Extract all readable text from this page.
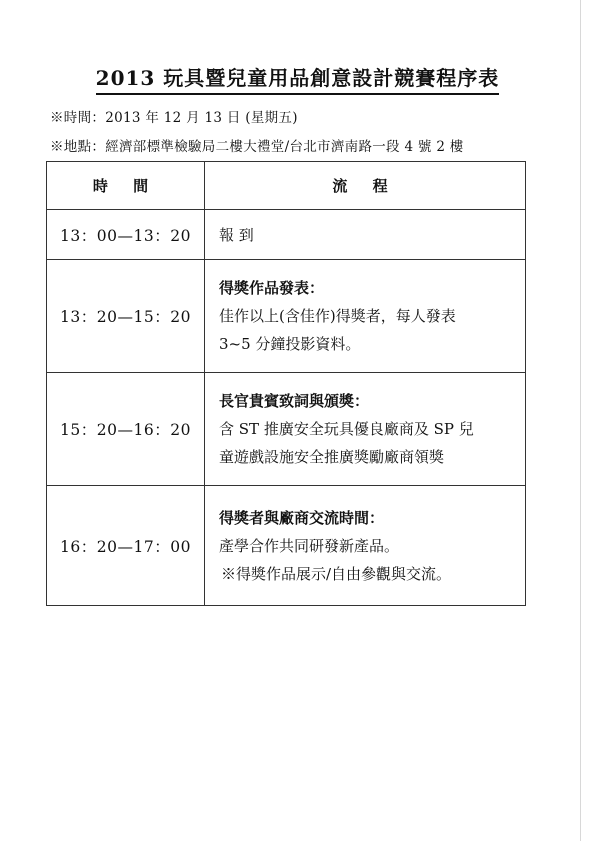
2013 玩具暨兒童用品創意設計競賽程序表
※時間：2013 年 12 月 13 日 (星期五)
※地點：經濟部標準檢驗局二樓大禮堂/台北市濟南路一段 4 號 2 樓
時 間	流 程
13：00—13：20	報 到

13：20—15：20	得獎作品發表：
佳作以上(含佳作)得獎者，每人發表
3~5 分鐘投影資料。

15：20—16：20	長官貴賓致詞與頒獎：
含 ST 推廣安全玩具優良廠商及 SP 兒
童遊戲設施安全推廣獎勵廠商領獎

16：20—17：00	得獎者與廠商交流時間：
產學合作共同研發新產品。
※得獎作品展示/自由參觀與交流。
